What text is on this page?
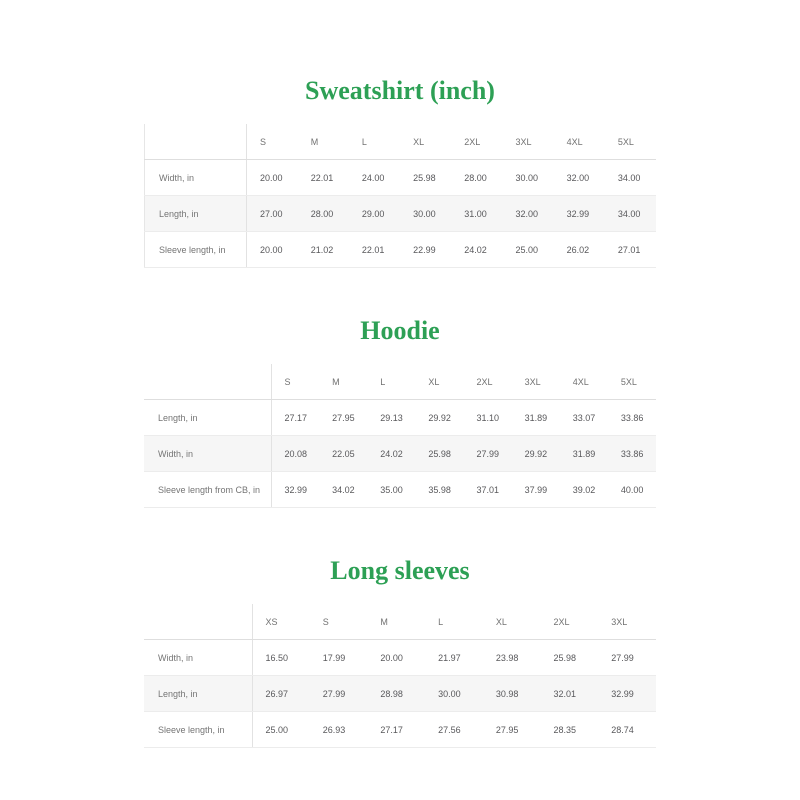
Sweatshirt (inch)
	S	M	L	XL	2XL	3XL	4XL	5XL
Width, in	20.00	22.01	24.00	25.98	28.00	30.00	32.00	34.00
Length, in	27.00	28.00	29.00	30.00	31.00	32.00	32.99	34.00
Sleeve length, in	20.00	21.02	22.01	22.99	24.02	25.00	26.02	27.01
Hoodie
	S	M	L	XL	2XL	3XL	4XL	5XL
Length, in	27.17	27.95	29.13	29.92	31.10	31.89	33.07	33.86
Width, in	20.08	22.05	24.02	25.98	27.99	29.92	31.89	33.86
Sleeve length from CB, in	32.99	34.02	35.00	35.98	37.01	37.99	39.02	40.00
Long sleeves
	XS	S	M	L	XL	2XL	3XL
Width, in	16.50	17.99	20.00	21.97	23.98	25.98	27.99
Length, in	26.97	27.99	28.98	30.00	30.98	32.01	32.99
Sleeve length, in	25.00	26.93	27.17	27.56	27.95	28.35	28.74
